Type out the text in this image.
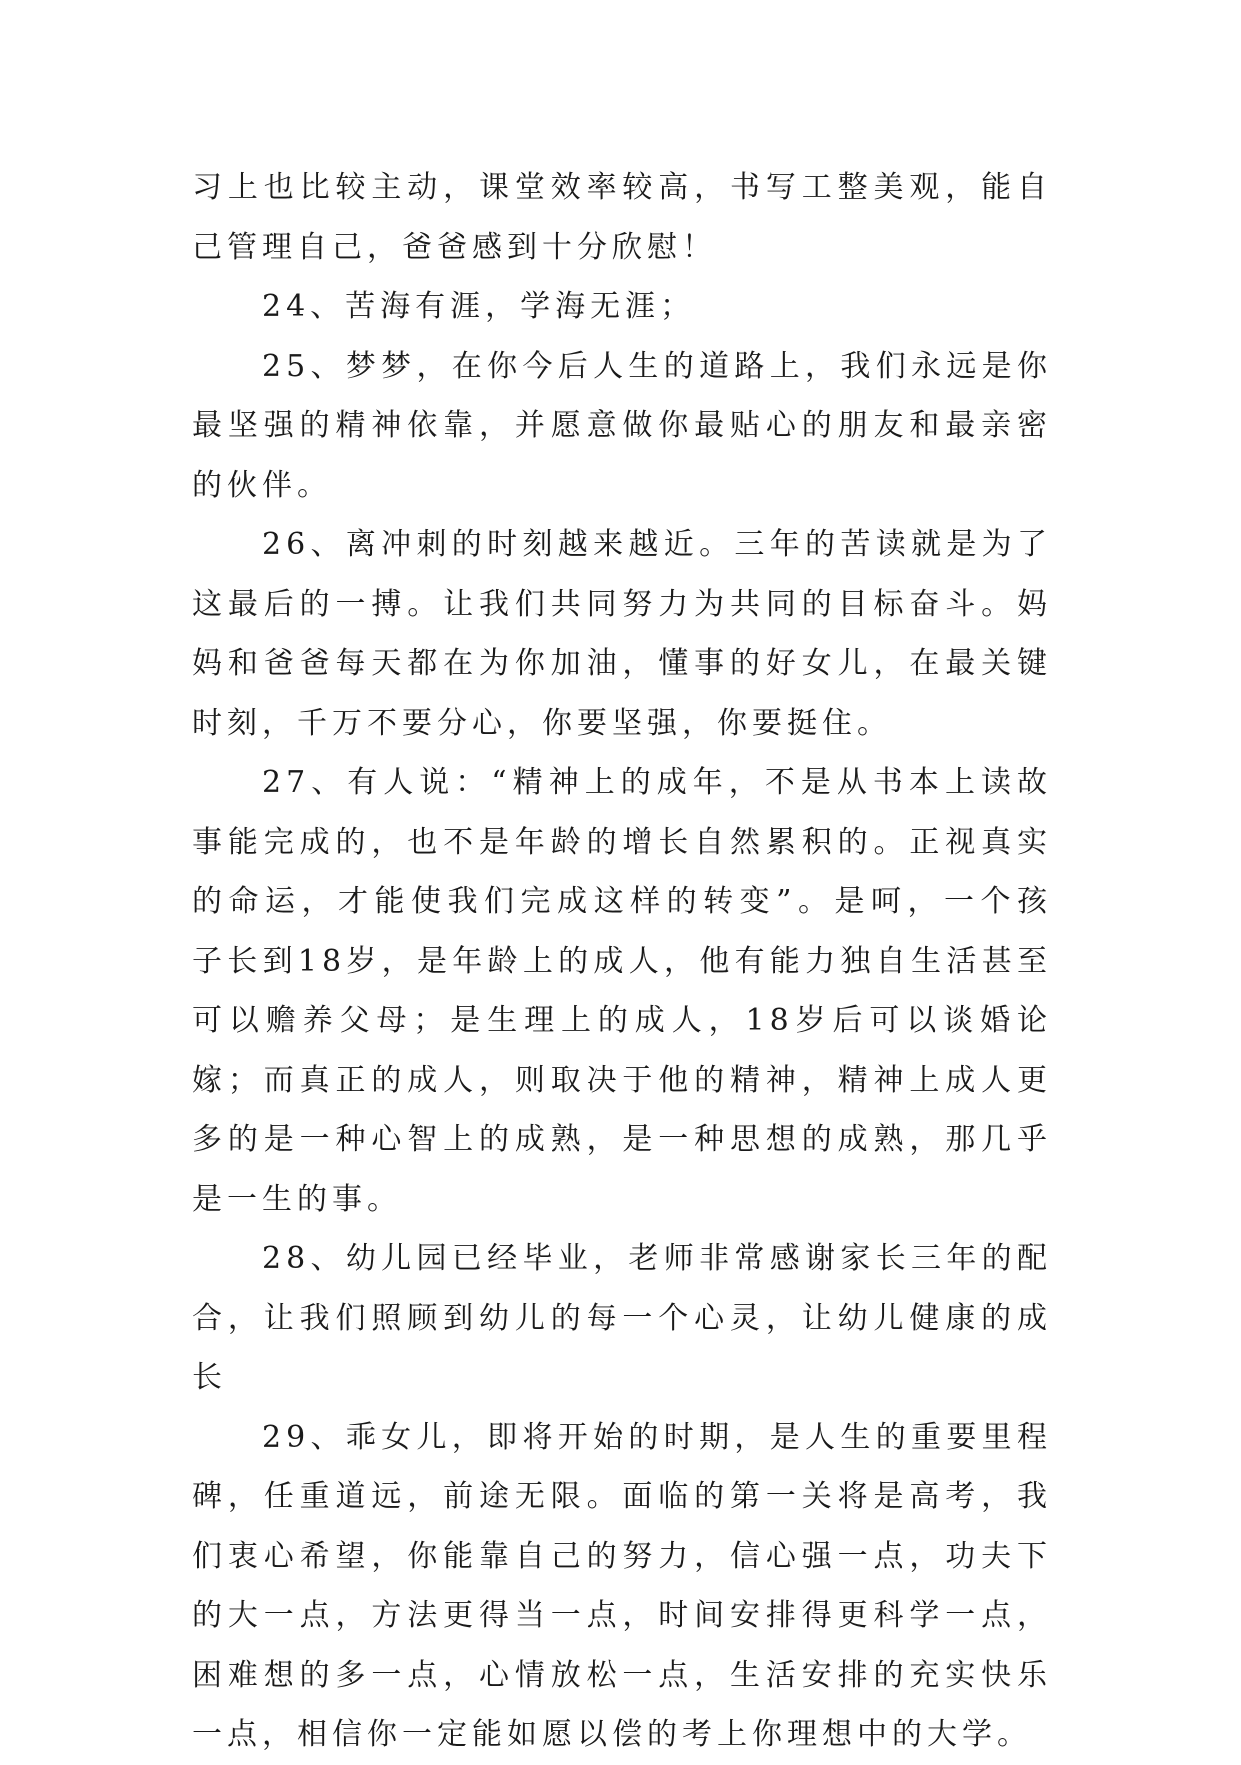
习上也比较主动，课堂效率较高，书写工整美观，能自己管理自己，爸爸感到十分欣慰！

24、苦海有涯，学海无涯；

25、梦梦，在你今后人生的道路上，我们永远是你最坚强的精神依靠，并愿意做你最贴心的朋友和最亲密的伙伴。

26、离冲刺的时刻越来越近。三年的苦读就是为了这最后的一搏。让我们共同努力为共同的目标奋斗。妈妈和爸爸每天都在为你加油，懂事的好女儿，在最关键时刻，千万不要分心，你要坚强，你要挺住。

27、有人说：“精神上的成年，不是从书本上读故事能完成的，也不是年龄的增长自然累积的。正视真实的命运，才能使我们完成这样的转变”。是呵，一个孩子长到18岁，是年龄上的成人，他有能力独自生活甚至可以赡养父母；是生理上的成人，18岁后可以谈婚论嫁；而真正的成人，则取决于他的精神，精神上成人更多的是一种心智上的成熟，是一种思想的成熟，那几乎是一生的事。

28、幼儿园已经毕业，老师非常感谢家长三年的配合，让我们照顾到幼儿的每一个心灵，让幼儿健康的成长

29、乖女儿，即将开始的时期，是人生的重要里程碑，任重道远，前途无限。面临的第一关将是高考，我们衷心希望，你能靠自己的努力，信心强一点，功夫下的大一点，方法更得当一点，时间安排得更科学一点，困难想的多一点，心情放松一点，生活安排的充实快乐一点，相信你一定能如愿以偿的考上你理想中的大学。
